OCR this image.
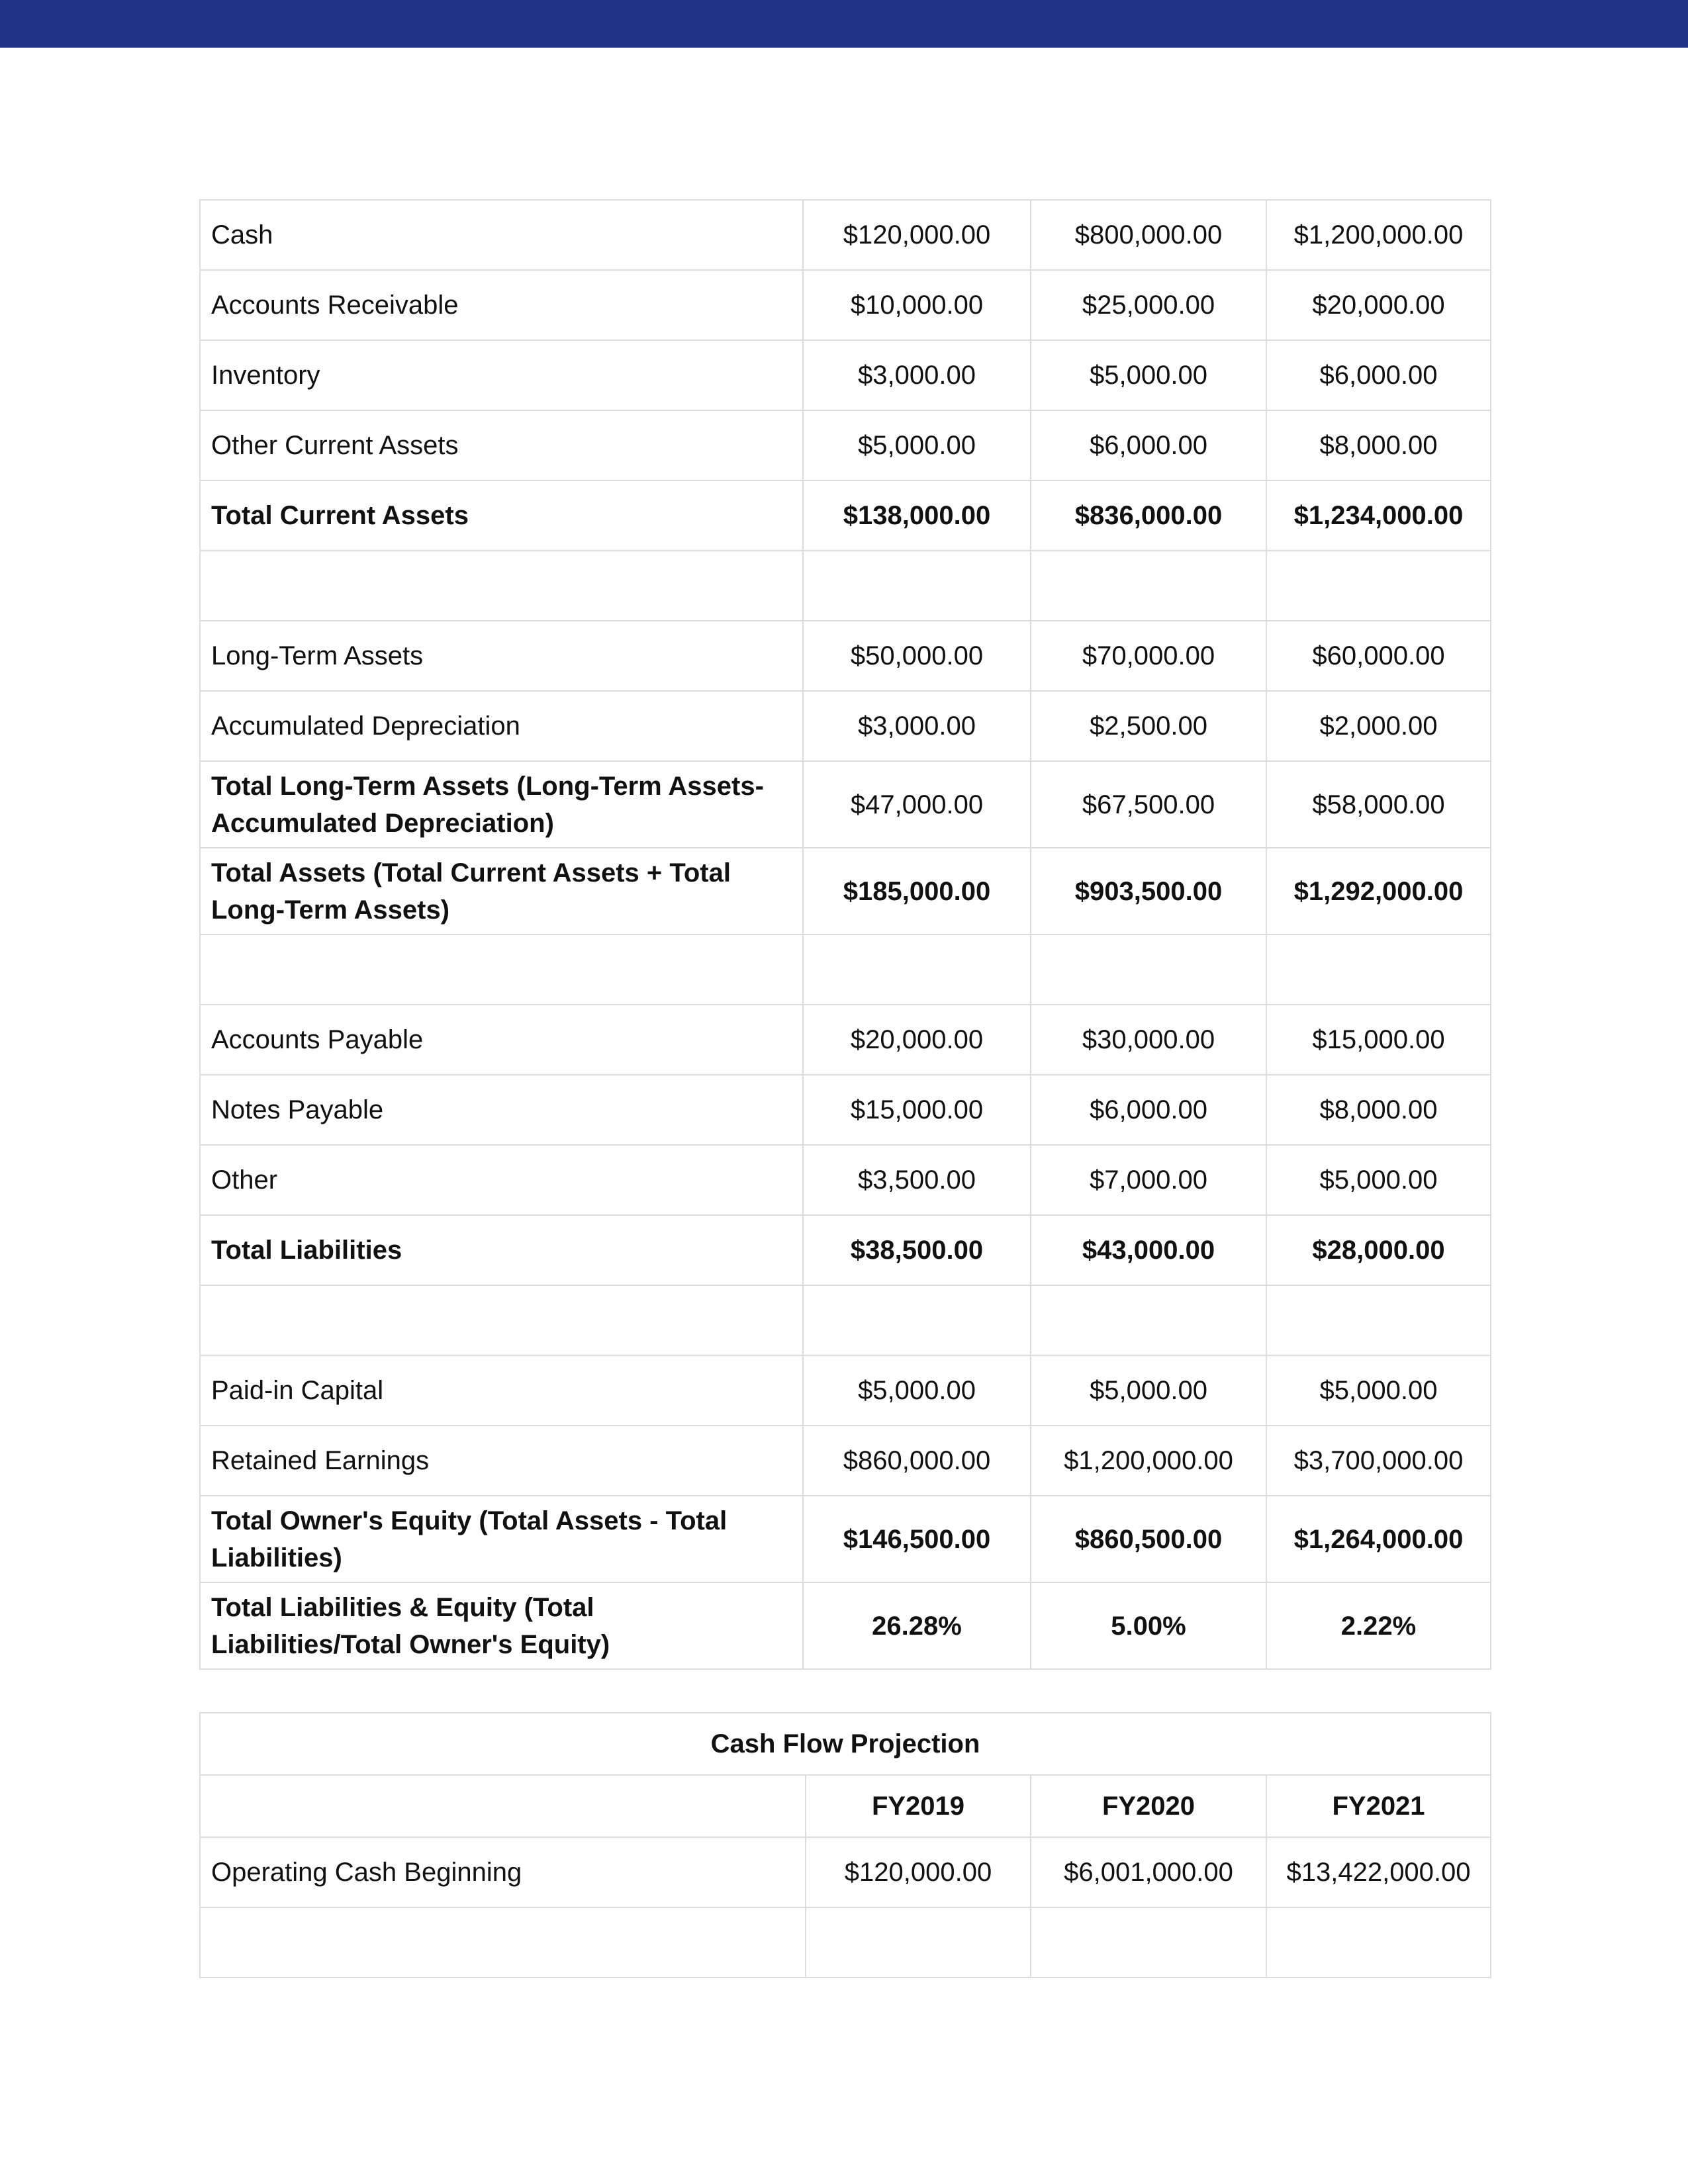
Cash	$120,000.00	$800,000.00	$1,200,000.00
Accounts Receivable	$10,000.00	$25,000.00	$20,000.00
Inventory	$3,000.00	$5,000.00	$6,000.00
Other Current Assets	$5,000.00	$6,000.00	$8,000.00
Total Current Assets	$138,000.00	$836,000.00	$1,234,000.00

Long-Term Assets	$50,000.00	$70,000.00	$60,000.00
Accumulated Depreciation	$3,000.00	$2,500.00	$2,000.00
Total Long-Term Assets (Long-Term Assets-Accumulated Depreciation)	$47,000.00	$67,500.00	$58,000.00
Total Assets (Total Current Assets + Total Long-Term Assets)	$185,000.00	$903,500.00	$1,292,000.00

Accounts Payable	$20,000.00	$30,000.00	$15,000.00
Notes Payable	$15,000.00	$6,000.00	$8,000.00
Other	$3,500.00	$7,000.00	$5,000.00
Total Liabilities	$38,500.00	$43,000.00	$28,000.00

Paid-in Capital	$5,000.00	$5,000.00	$5,000.00
Retained Earnings	$860,000.00	$1,200,000.00	$3,700,000.00
Total Owner's Equity (Total Assets - Total Liabilities)	$146,500.00	$860,500.00	$1,264,000.00
Total Liabilities & Equity (Total Liabilities/Total Owner's Equity)	26.28%	5.00%	2.22%
Cash Flow Projection			
	FY2019	FY2020	FY2021
Operating Cash Beginning	$120,000.00	$6,001,000.00	$13,422,000.00
